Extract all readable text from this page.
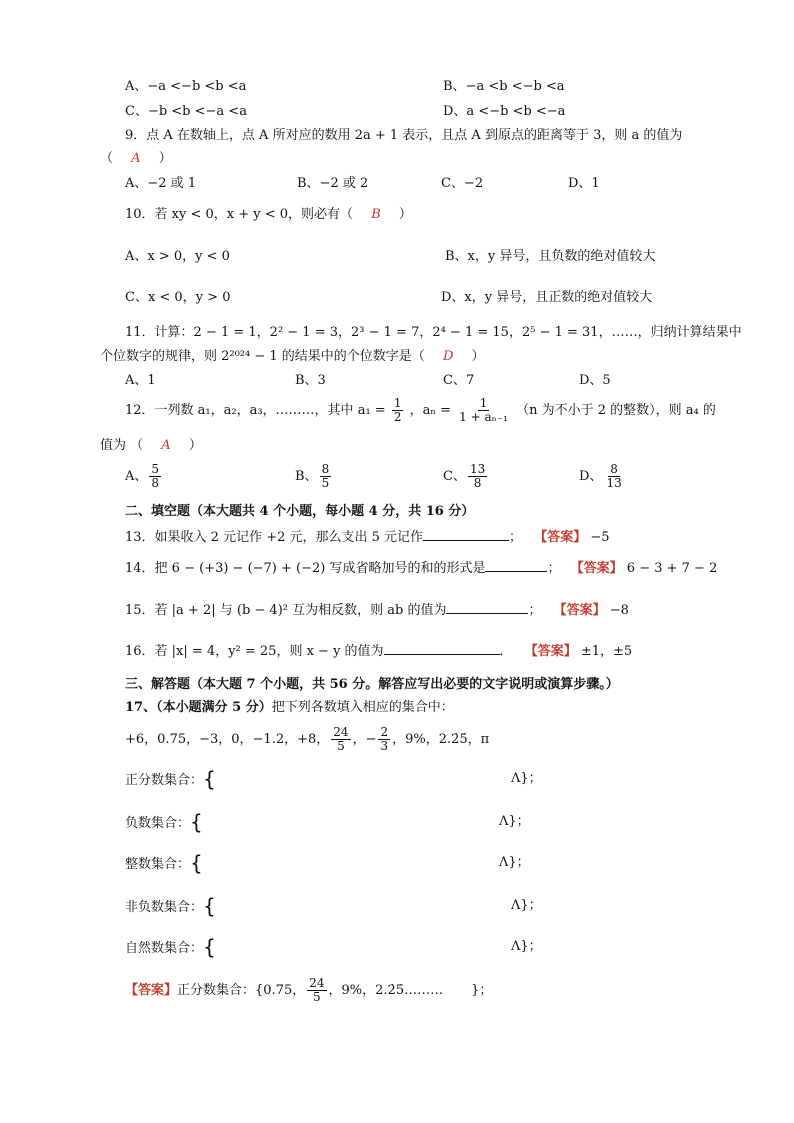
A、−a <−b <b <a	B、−a <b <−b <a
C、−b <b <−a <a	D、a <−b <b <−a
9．点 A 在数轴上，点 A 所对应的数用 2a + 1 表示，且点 A 到原点的距离等于 3，则 a 的值为
（ A ）
A、−2 或 1	B、−2 或 2	C、−2	D、1
10．若 xy < 0，x + y < 0，则必有（ B ）
A、x > 0，y < 0	B、x，y 异号，且负数的绝对值较大
C、x < 0，y > 0	D、x，y 异号，且正数的绝对值较大
11．计算：2 − 1 = 1，2² − 1 = 3，2³ − 1 = 7，2⁴ − 1 = 15，2⁵ − 1 = 31，……，归纳计算结果中
个位数字的规律，则 2²⁰²⁴ − 1 的结果中的个位数字是（ D ）
A、1	B、3	C、7	D、5
12．一列数 a₁，a₂，a₃，………，其中 $a_1 = \frac{1}{2}$ ，$a_n = \frac{1}{\text{1 + aₙ₋₁}} (n$ 为不小于 2 的整数），则 a₄ 的
值为 （ A ）
A、 $\frac{5}{8}$	B、 $\frac{8}{5}$	C、 $\frac{13}{8}$	D、 $\frac{8}{13}$
二、填空题（本大题共 4 个小题，每小题 4 分，共 16 分）
13．如果收入 2 元记作 +2 元，那么支出 5 元记作	； 【答案】 −5
14．把 6 − (+3) − (−7) + (−2) 写成省略加号的和的形式是	； 【答案】 6 − 3 + 7 − 2
15．若 |a + 2| 与 (b − 4)² 互为相反数，则 ab 的值为	； 【答案】 −8
16．若 |x| = 4，y² = 25，则 x − y 的值为	． 【答案】 ±1，±5
三、解答题（本大题 7 个小题，共 56 分。解答应写出必要的文字说明或演算步骤。）
17、（本小题满分 5 分）把下列各数填入相应的集合中：
+6，0.75，−3，0，−1.2，+8， $\frac{24}{5}$ ，− $\frac{2}{3}$ ，9%，2.2̇5̇，π
正分数集合：{	Λ}；
负数集合：{	Λ}；
整数集合：{	Λ}；
非负数集合：{	Λ}；
自然数集合：{	Λ}；
【答案】正分数集合：{0.75， $\frac{24}{5}$ ，9%，2.2̇5̇……… }；
